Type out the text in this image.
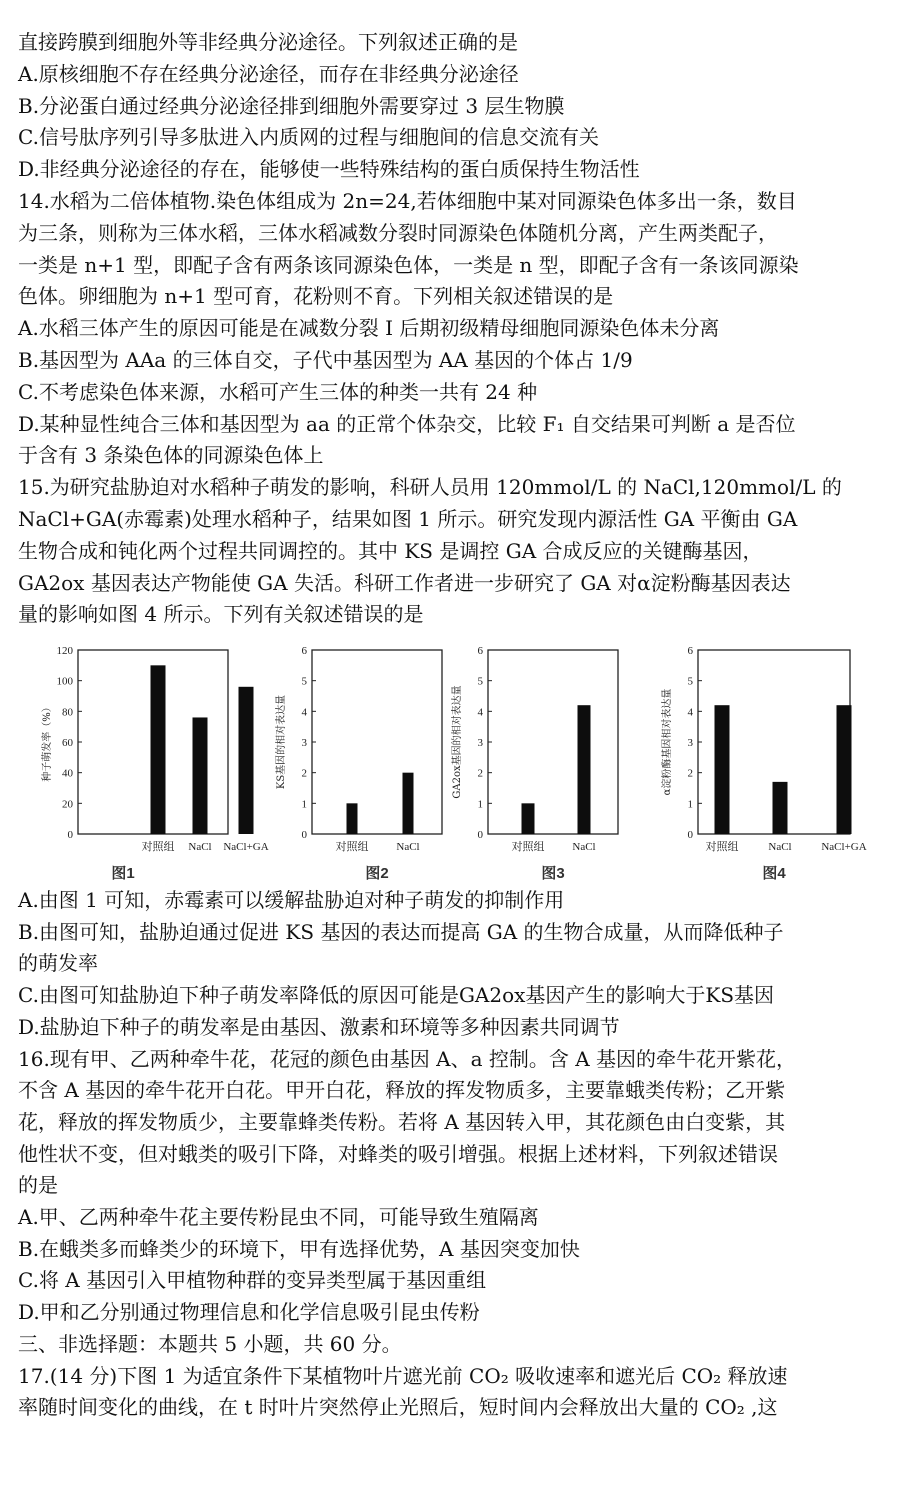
直接跨膜到细胞外等非经典分泌途径。下列叙述正确的是
A.原核细胞不存在经典分泌途径，而存在非经典分泌途径
B.分泌蛋白通过经典分泌途径排到细胞外需要穿过 3 层生物膜
C.信号肽序列引导多肽进入内质网的过程与细胞间的信息交流有关
D.非经典分泌途径的存在，能够使一些特殊结构的蛋白质保持生物活性
14.水稻为二倍体植物.染色体组成为 2n=24,若体细胞中某对同源染色体多出一条，数目
为三条，则称为三体水稻，三体水稻减数分裂时同源染色体随机分离，产生两类配子，
一类是 n+1 型，即配子含有两条该同源染色体，一类是 n 型，即配子含有一条该同源染
色体。卵细胞为 n+1 型可育，花粉则不育。下列相关叙述错误的是
A.水稻三体产生的原因可能是在减数分裂 I 后期初级精母细胞同源染色体未分离
B.基因型为 AAa 的三体自交，子代中基因型为 AA 基因的个体占 1/9
C.不考虑染色体来源，水稻可产生三体的种类一共有 24 种
D.某种显性纯合三体和基因型为 aa 的正常个体杂交，比较 F₁ 自交结果可判断 a 是否位
于含有 3 条染色体的同源染色体上
15.为研究盐胁迫对水稻种子萌发的影响，科研人员用 120mmol/L 的 NaCl,120mmol/L 的
NaCl+GA(赤霉素)处理水稻种子，结果如图 1 所示。研究发现内源活性 GA 平衡由 GA
生物合成和钝化两个过程共同调控的。其中 KS 是调控 GA 合成反应的关键酶基因，
GA2ox 基因表达产物能使 GA 失活。科研工作者进一步研究了 GA 对α淀粉酶基因表达
量的影响如图 4 所示。下列有关叙述错误的是
0
20
40
60
80
100
120
种子萌发率（%）
对照组 NaCl NaCl+GA
图1
0
1
2
3
4
5
6
KS基因的相对表达量
对照组	NaCl
图2
0
1
2
3
4
5
6
GA2ox基因的相对表达量
对照组	NaCl
图3
0
1
2
3
4
5
6
α淀粉酶基因相对表达量
对照组	NaCl	NaCl+GA
图4
A.由图 1 可知，赤霉素可以缓解盐胁迫对种子萌发的抑制作用
B.由图可知，盐胁迫通过促进 KS 基因的表达而提高 GA 的生物合成量，从而降低种子
的萌发率
C.由图可知盐胁迫下种子萌发率降低的原因可能是GA2ox基因产生的影响大于KS基因
D.盐胁迫下种子的萌发率是由基因、激素和环境等多种因素共同调节
16.现有甲、乙两种牵牛花，花冠的颜色由基因 A、a 控制。含 A 基因的牵牛花开紫花，
不含 A 基因的牵牛花开白花。甲开白花，释放的挥发物质多，主要靠蛾类传粉；乙开紫
花，释放的挥发物质少，主要靠蜂类传粉。若将 A 基因转入甲，其花颜色由白变紫，其
他性状不变，但对蛾类的吸引下降，对蜂类的吸引增强。根据上述材料，下列叙述错误
的是
A.甲、乙两种牵牛花主要传粉昆虫不同，可能导致生殖隔离
B.在蛾类多而蜂类少的环境下，甲有选择优势，A 基因突变加快
C.将 A 基因引入甲植物种群的变异类型属于基因重组
D.甲和乙分别通过物理信息和化学信息吸引昆虫传粉
三、非选择题：本题共 5 小题，共 60 分。
17.(14 分)下图 1 为适宜条件下某植物叶片遮光前 CO₂ 吸收速率和遮光后 CO₂ 释放速
率随时间变化的曲线，在 t 时叶片突然停止光照后，短时间内会释放出大量的 CO₂ ,这
